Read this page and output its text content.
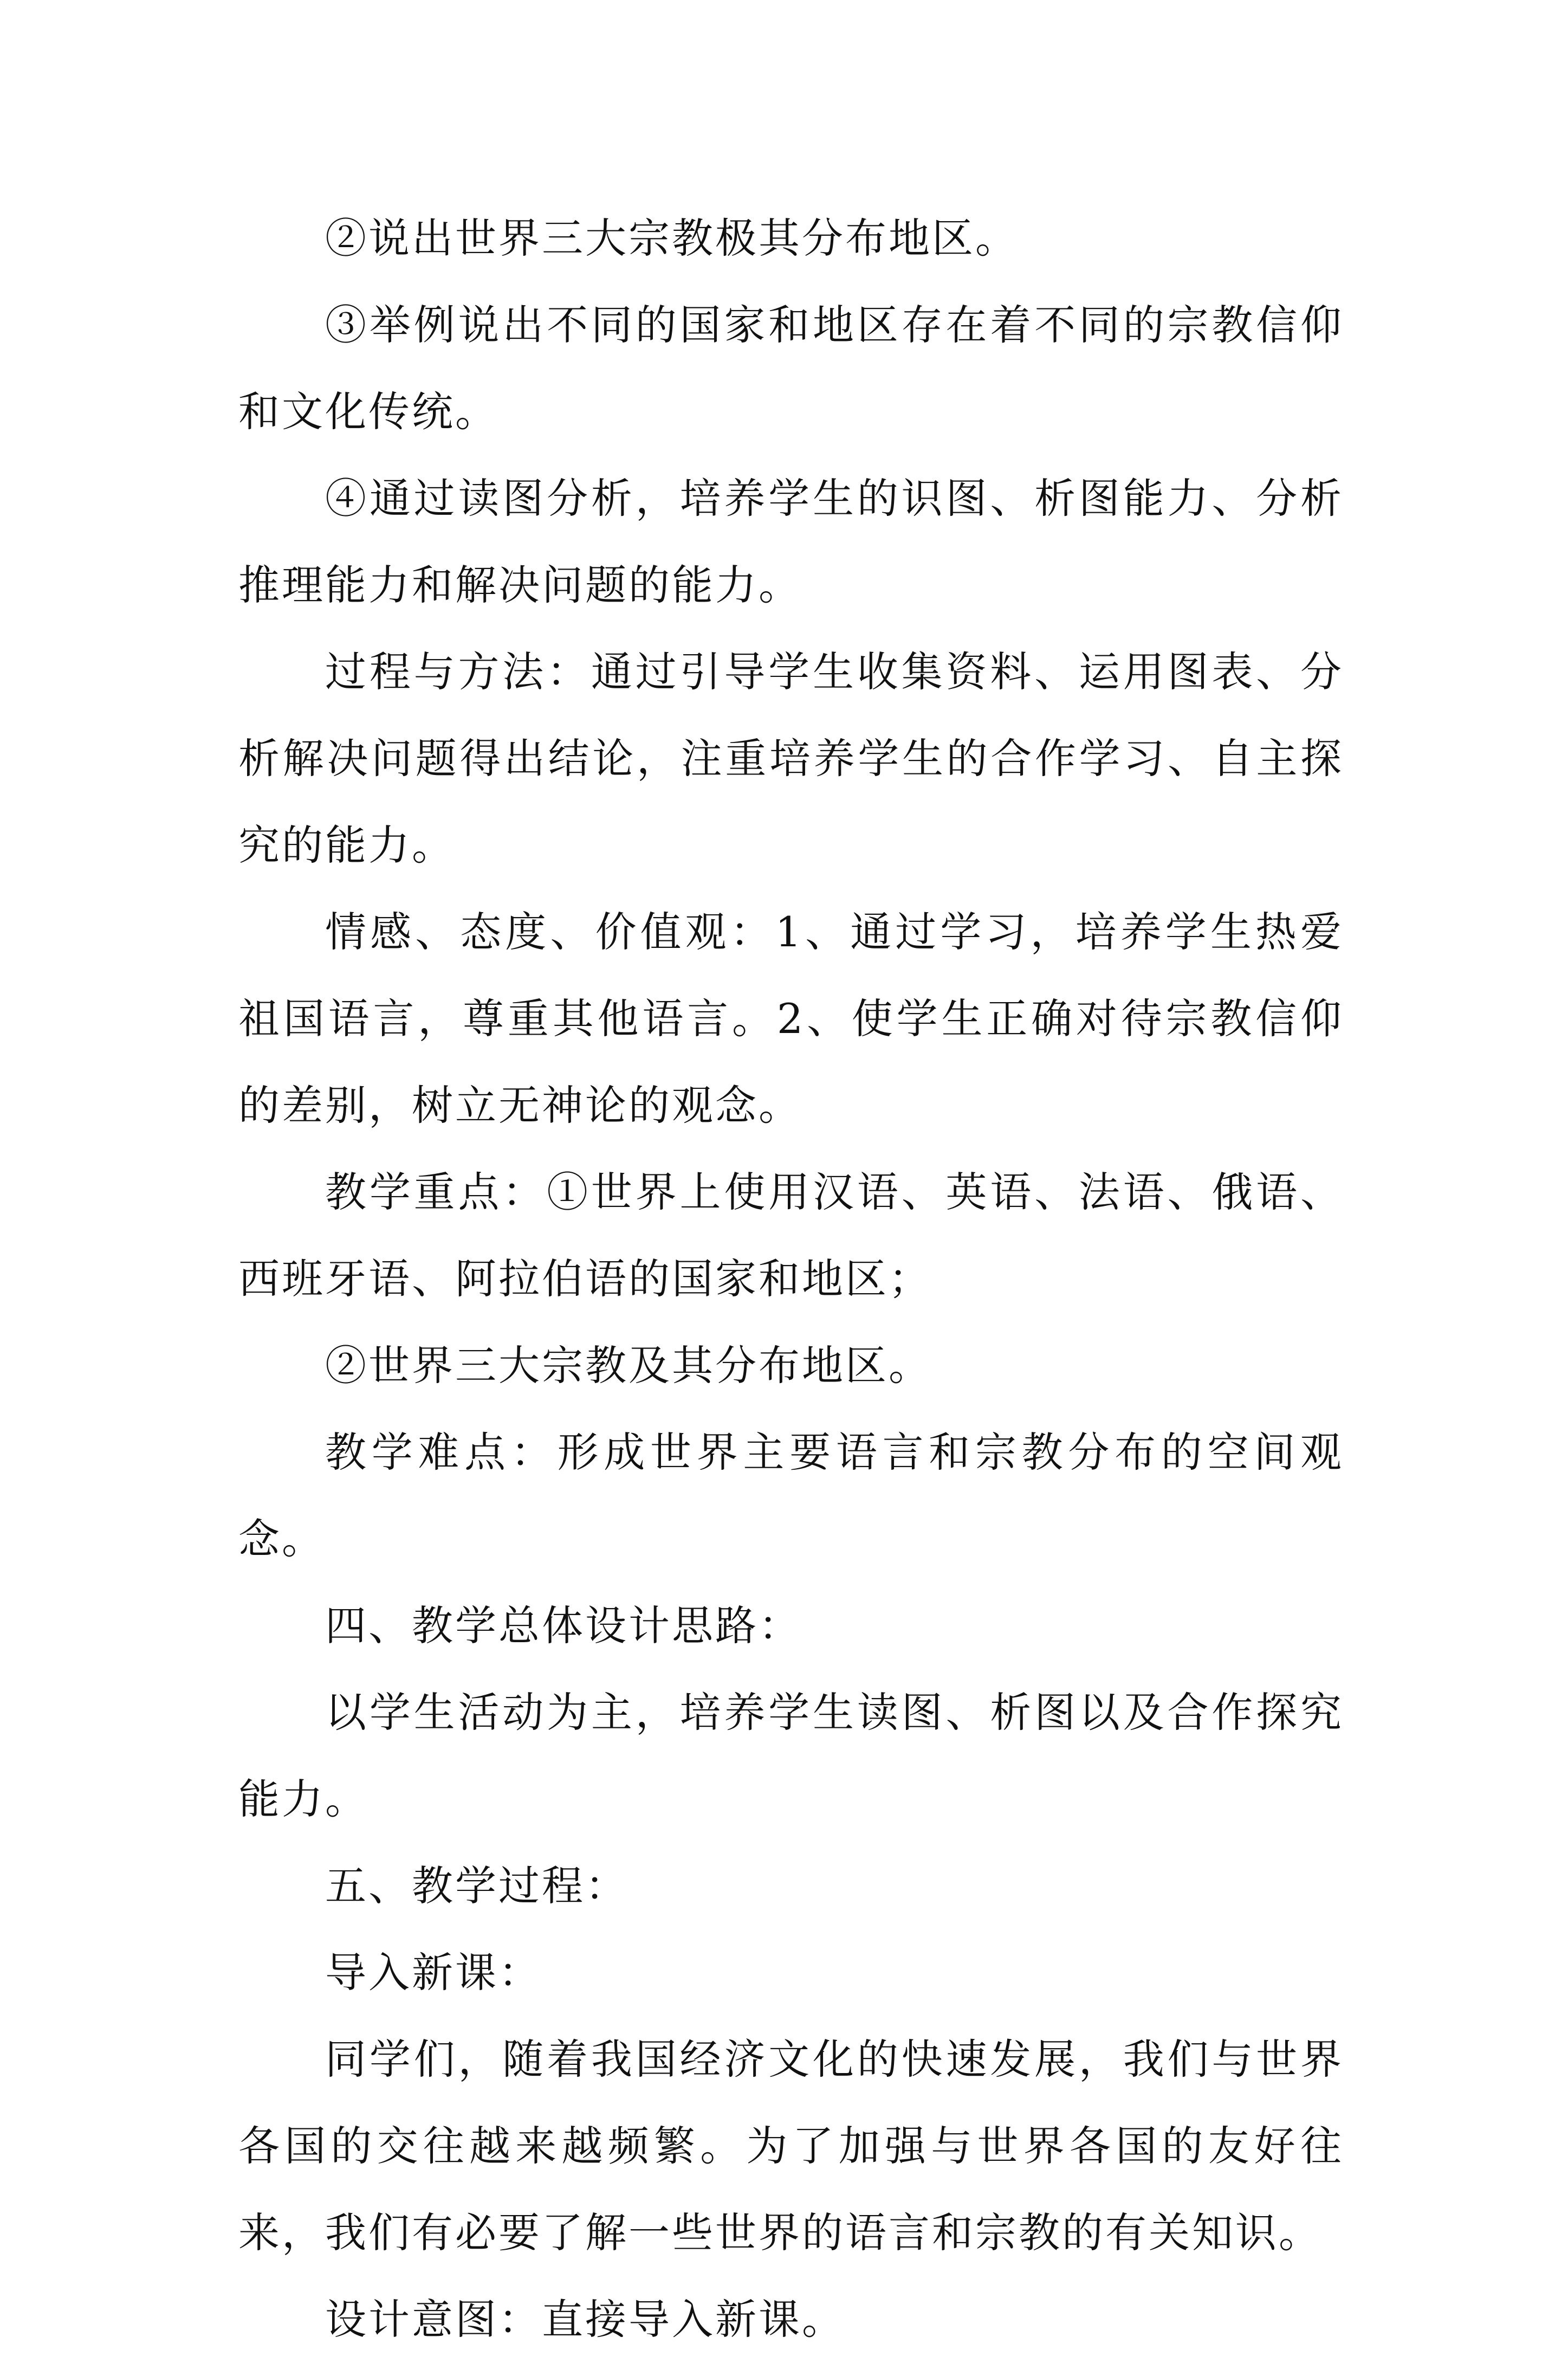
②说出世界三大宗教极其分布地区。

③举例说出不同的国家和地区存在着不同的宗教信仰和文化传统。

④通过读图分析，培养学生的识图、析图能力、分析推理能力和解决问题的能力。

过程与方法：通过引导学生收集资料、运用图表、分析解决问题得出结论，注重培养学生的合作学习、自主探究的能力。

情感、态度、价值观：1、通过学习，培养学生热爱祖国语言，尊重其他语言。2、使学生正确对待宗教信仰的差别，树立无神论的观念。

教学重点：①世界上使用汉语、英语、法语、俄语、西班牙语、阿拉伯语的国家和地区；

②世界三大宗教及其分布地区。

教学难点：形成世界主要语言和宗教分布的空间观念。

四、教学总体设计思路：

以学生活动为主，培养学生读图、析图以及合作探究能力。

五、教学过程：

导入新课：

同学们，随着我国经济文化的快速发展，我们与世界各国的交往越来越频繁。为了加强与世界各国的友好往来，我们有必要了解一些世界的语言和宗教的有关知识。

设计意图：直接导入新课。
